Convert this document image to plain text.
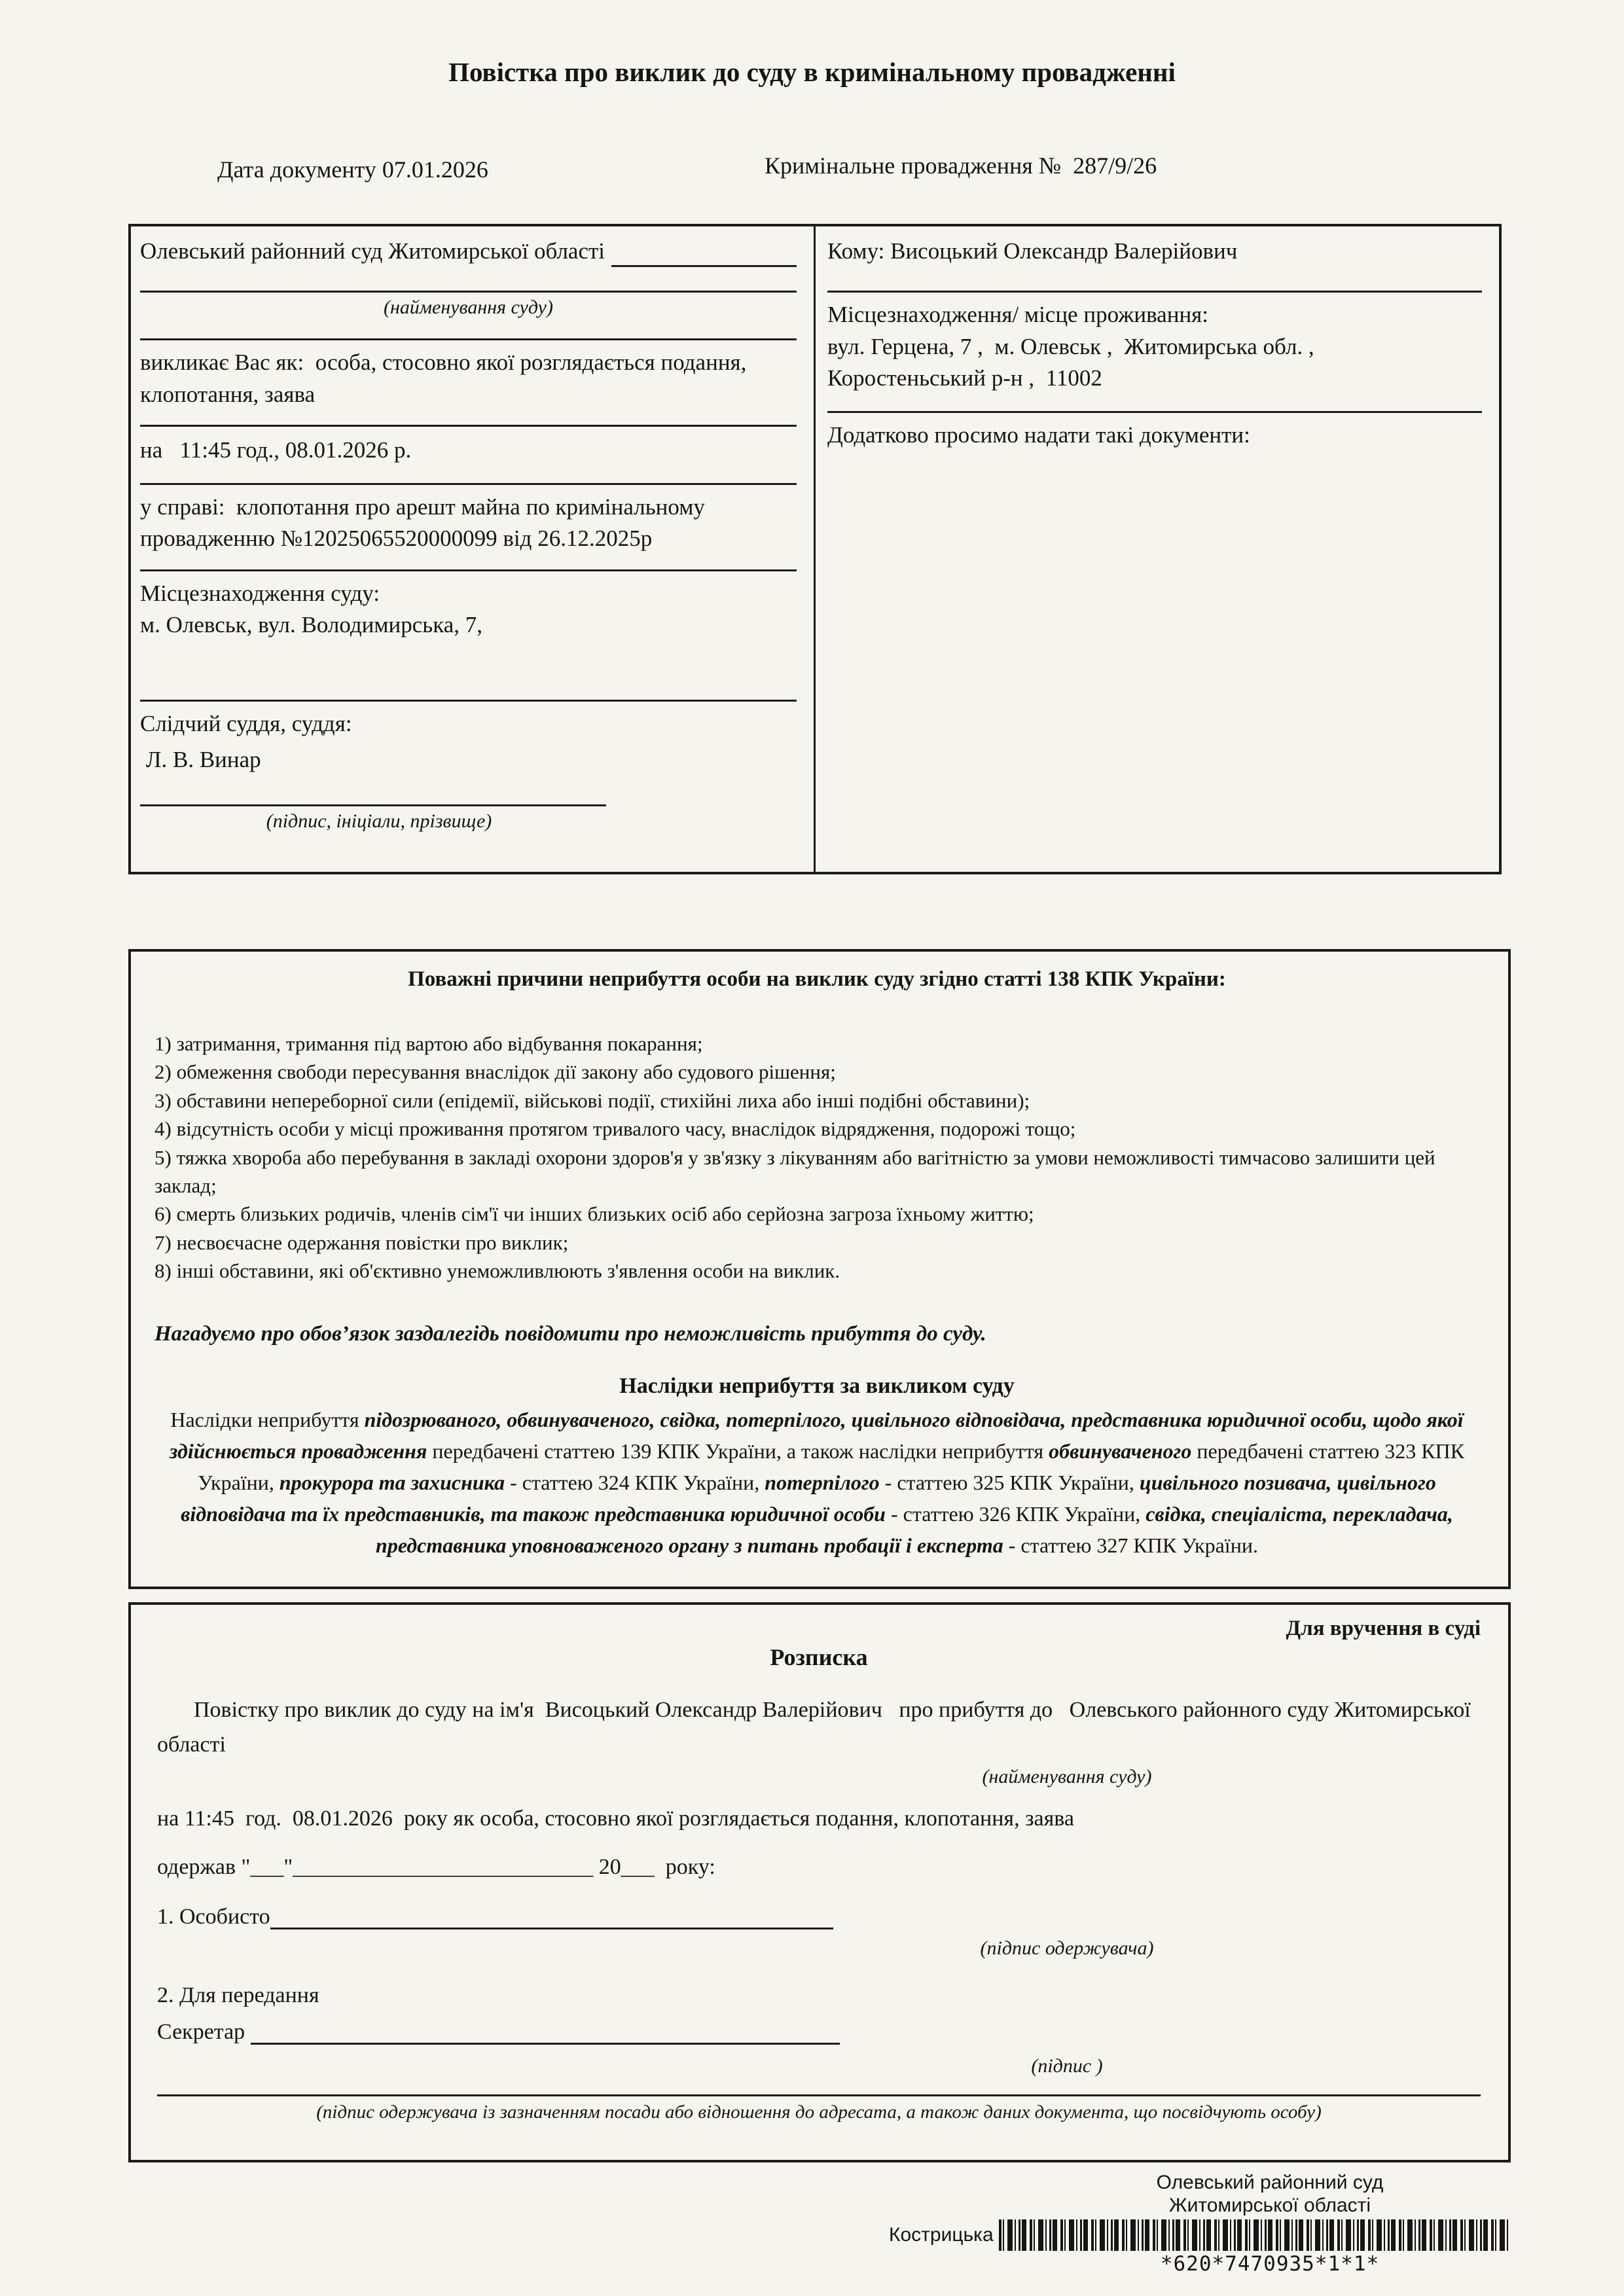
Повістка про виклик до суду в кримінальному провадженні
Дата документу 07.01.2026	Кримінальне провадження №  287/9/26
Олевський районний суд Житомирської області
(найменування суду)
викликає Вас як:  особа, стосовно якої розглядається подання, клопотання, заява
на   11:45 год., 08.01.2026 р.
у справі:  клопотання про арешт майна по кримінальному провадженню №12025065520000099 від 26.12.2025р
Місцезнаходження суду:
м. Олевськ, вул. Володимирська, 7,
Слідчий суддя, суддя:
Л. В. Винар
(підпис, ініціали, прізвище)
Кому: Висоцький Олександр Валерійович
Місцезнаходження/ місце проживання:
вул. Герцена, 7 ,  м. Олевськ ,  Житомирська обл. ,
Коростеньський р-н ,  11002
Додатково просимо надати такі документи:
Поважні причини неприбуття особи на виклик суду згідно статті 138 КПК України:
1) затримання, тримання під вартою або відбування покарання;
2) обмеження свободи пересування внаслідок дії закону або судового рішення;
3) обставини непереборної сили (епідемії, військові події, стихійні лиха або інші подібні обставини);
4) відсутність особи у місці проживання протягом тривалого часу, внаслідок відрядження, подорожі тощо;
5) тяжка хвороба або перебування в закладі охорони здоров'я у зв'язку з лікуванням або вагітністю за умови неможливості тимчасово залишити цей заклад;
6) смерть близьких родичів, членів сім'ї чи інших близьких осіб або серйозна загроза їхньому життю;
7) несвоєчасне одержання повістки про виклик;
8) інші обставини, які об'єктивно унеможливлюють з'явлення особи на виклик.
Нагадуємо про обов’язок заздалегідь повідомити про неможливість прибуття до суду.
Наслідки неприбуття за викликом суду
Наслідки неприбуття підозрюваного, обвинуваченого, свідка, потерпілого, цивільного відповідача, представника юридичної особи, щодо якої здійснюється провадження передбачені статтею 139 КПК України, а також наслідки неприбуття обвинуваченого передбачені статтею 323 КПК України, прокурора та захисника - статтею 324 КПК України, потерпілого - статтею 325 КПК України, цивільного позивача, цивільного відповідача та їх представників, та також представника юридичної особи - статтею 326 КПК України, свідка, спеціаліста, перекладача, представника уповноваженого органу з питань пробації і експерта - статтею 327 КПК України.
Для вручення в суді
Розписка
Повістку про виклик до суду на ім'я  Висоцький Олександр Валерійович   про прибуття до   Олевського районного суду Житомирської області
(найменування суду)
на 11:45  год.  08.01.2026  року як особа, стосовно якої розглядається подання, клопотання, заява
одержав "___"___________________________ 20___  року:
1. Особисто
(підпис одержувача)
2. Для передання
Секретар
(підпис )
(підпис одержувача із зазначенням посади або відношення до адресата, а також даних документа, що посвідчують особу)
Олевський районний суд
Житомирської області
Кострицька
*620*7470935*1*1*
